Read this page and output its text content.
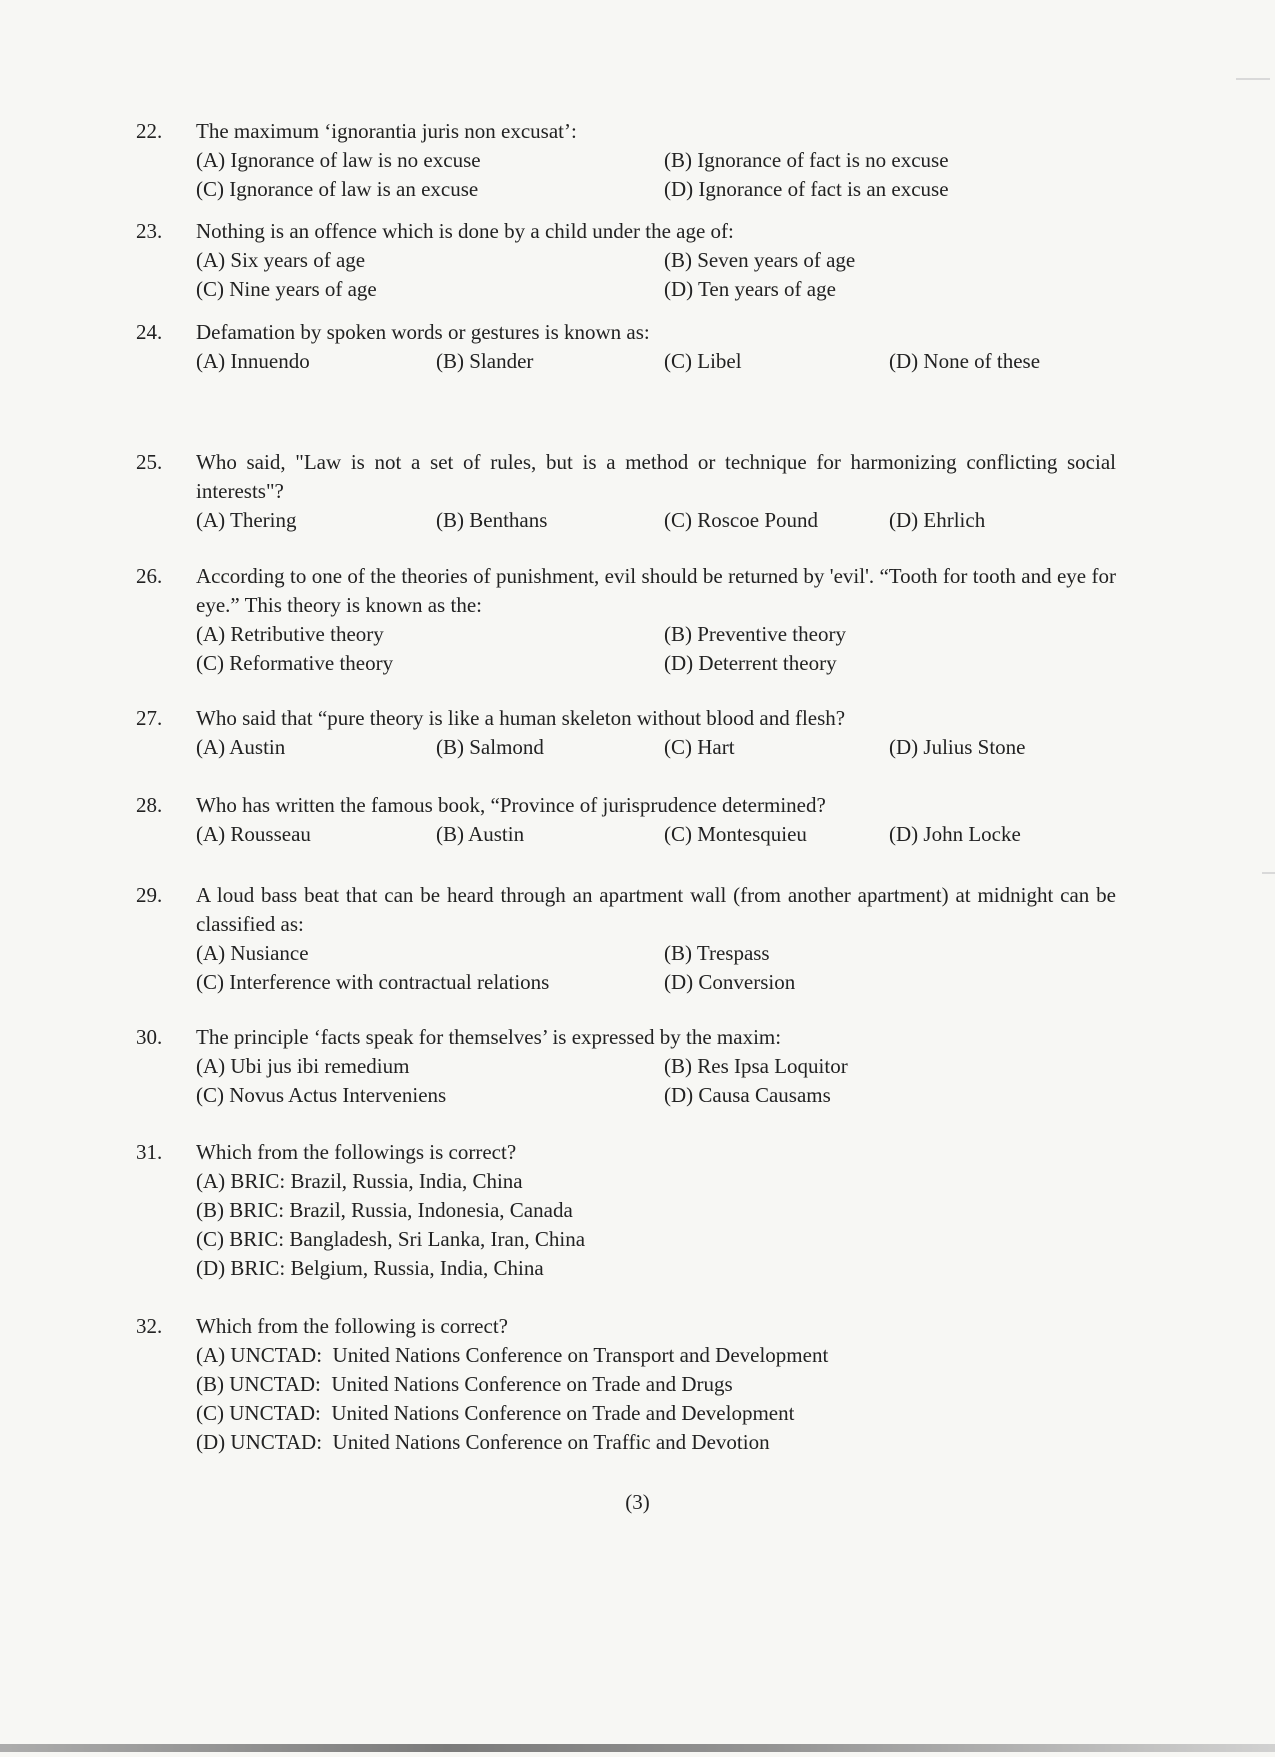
22.	The maximum ‘ignorantia juris non excusat’:
(A) Ignorance of law is no excuse	(B) Ignorance of fact is no excuse
(C) Ignorance of law is an excuse	(D) Ignorance of fact is an excuse
23.	Nothing is an offence which is done by a child under the age of:
(A) Six years of age	(B) Seven years of age
(C) Nine years of age	(D) Ten years of age
24.	Defamation by spoken words or gestures is known as:
(A) Innuendo	(B) Slander	(C) Libel	(D) None of these
25.	Who said, "Law is not a set of rules, but is a method or technique for harmonizing conflicting social interests"?
(A) Thering	(B) Benthans	(C) Roscoe Pound	(D) Ehrlich
26.	According to one of the theories of punishment, evil should be returned by 'evil'. “Tooth for tooth and eye for eye.” This theory is known as the:
(A) Retributive theory	(B) Preventive theory
(C) Reformative theory	(D) Deterrent theory
27.	Who said that “pure theory is like a human skeleton without blood and flesh?
(A) Austin	(B) Salmond	(C) Hart	(D) Julius Stone
28.	Who has written the famous book, “Province of jurisprudence determined?
(A) Rousseau	(B) Austin	(C) Montesquieu	(D) John Locke
29.	A loud bass beat that can be heard through an apartment wall (from another apartment) at midnight can be classified as:
(A) Nusiance	(B) Trespass
(C) Interference with contractual relations	(D) Conversion
30.	The principle ‘facts speak for themselves’ is expressed by the maxim:
(A) Ubi jus ibi remedium	(B) Res Ipsa Loquitor
(C) Novus Actus Interveniens	(D) Causa Causams
31.	Which from the followings is correct?
(A) BRIC: Brazil, Russia, India, China
(B) BRIC: Brazil, Russia, Indonesia, Canada
(C) BRIC: Bangladesh, Sri Lanka, Iran, China
(D) BRIC: Belgium, Russia, India, China
32.	Which from the following is correct?
(A) UNCTAD:  United Nations Conference on Transport and Development
(B) UNCTAD:  United Nations Conference on Trade and Drugs
(C) UNCTAD:  United Nations Conference on Trade and Development
(D) UNCTAD:  United Nations Conference on Traffic and Devotion
(3)
